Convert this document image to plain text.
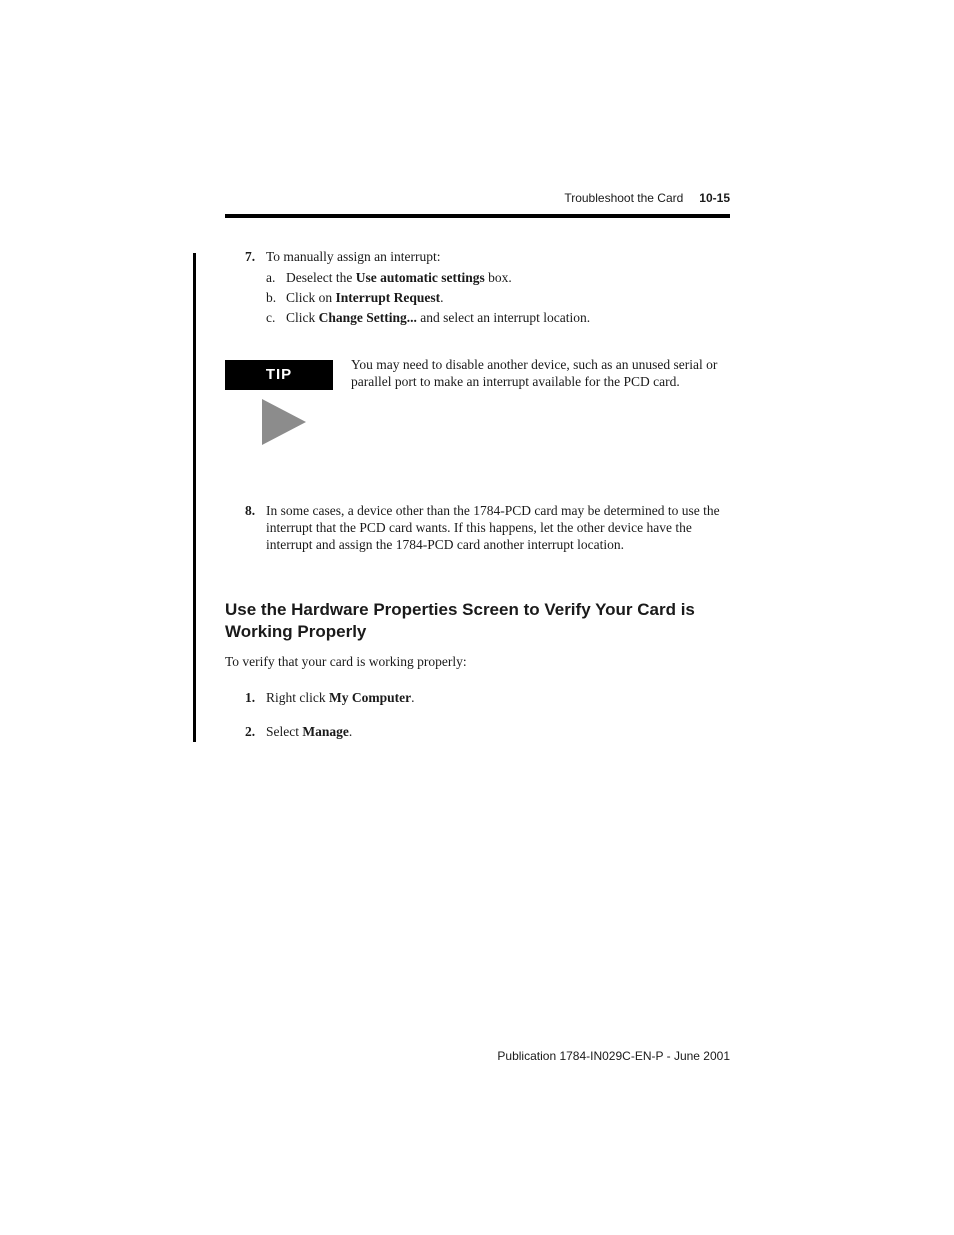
Troubleshoot the Card 10-15
7. To manually assign an interrupt:
a. Deselect the Use automatic settings box.
b. Click on Interrupt Request.
c. Click Change Setting... and select an interrupt location.
TIP
You may need to disable another device, such as an unused serial or parallel port to make an interrupt available for the PCD card.
8. In some cases, a device other than the 1784-PCD card may be determined to use the interrupt that the PCD card wants. If this happens, let the other device have the interrupt and assign the 1784-PCD card another interrupt location.
Use the Hardware Properties Screen to Verify Your Card is Working Properly
To verify that your card is working properly:
1. Right click My Computer.
2. Select Manage.
Publication 1784-IN029C-EN-P - June 2001
